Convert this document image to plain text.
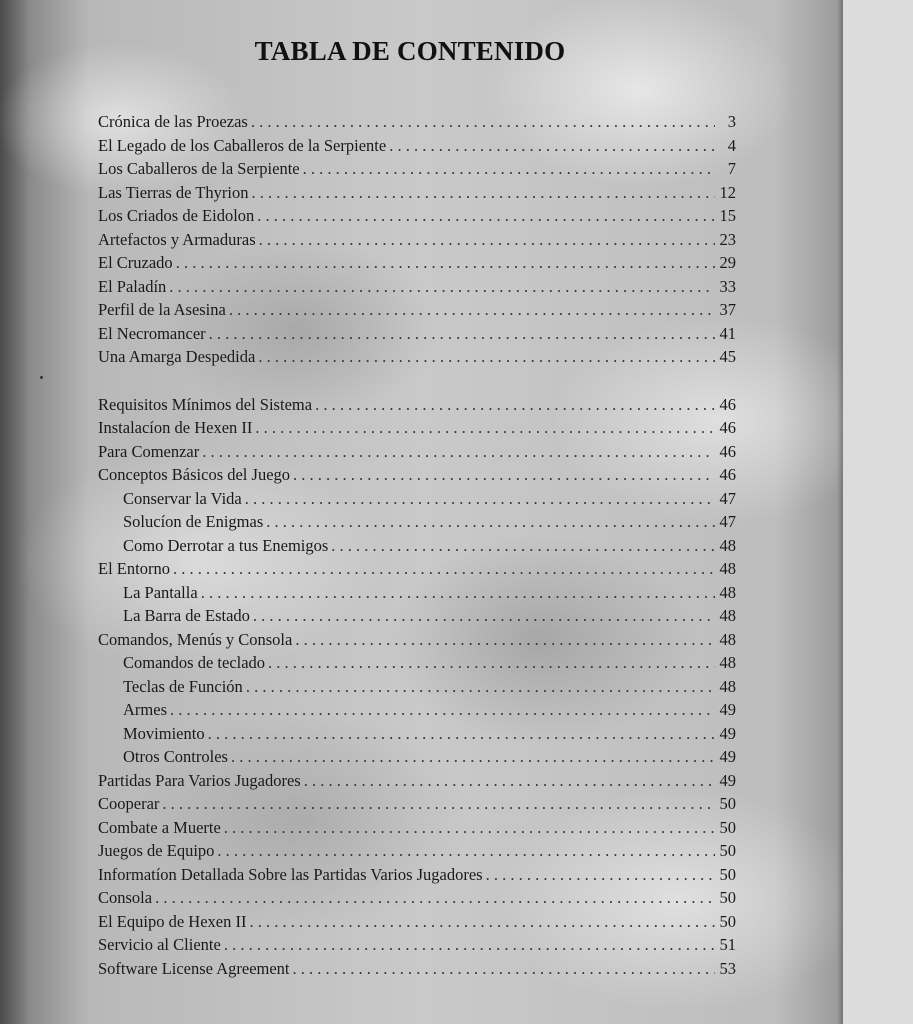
TABLA DE CONTENIDO
Crónica de las Proezas . . .	3
El Legado de los Caballeros de la Serpiente . . .	4
Los Caballeros de la Serpiente . . .	7
Las Tierras de Thyrion . . .	12
Los Criados de Eidolon . . .	15
Artefactos y Armaduras . . .	23
El Cruzado . . .	29
El Paladín . . .	33
Perfil de la Asesina . . .	37
El Necromancer . . .	41
Una Amarga Despedida . . .	45
Requisitos Mínimos del Sistema . . .	46
Instalacíon de Hexen II . . .	46
Para Comenzar . . .	46
Conceptos Básicos del Juego . . .	46
Conservar la Vida . . .	47
Solucíon de Enigmas . . .	47
Como Derrotar a tus Enemigos . . .	48
El Entorno . . .	48
La Pantalla . . .	48
La Barra de Estado . . .	48
Comandos, Menús y Consola . . .	48
Comandos de teclado . . .	48
Teclas de Función . . .	48
Armes . . .	49
Movimiento . . .	49
Otros Controles . . .	49
Partidas Para Varios Jugadores . . .	49
Cooperar . . .	50
Combate a Muerte . . .	50
Juegos de Equipo . . .	50
Informatíon Detallada Sobre las Partidas Varios Jugadores . . .	50
Consola . . .	50
El Equipo de Hexen II . . .	50
Servicio al Cliente . . .	51
Software License Agreement . . .	53
